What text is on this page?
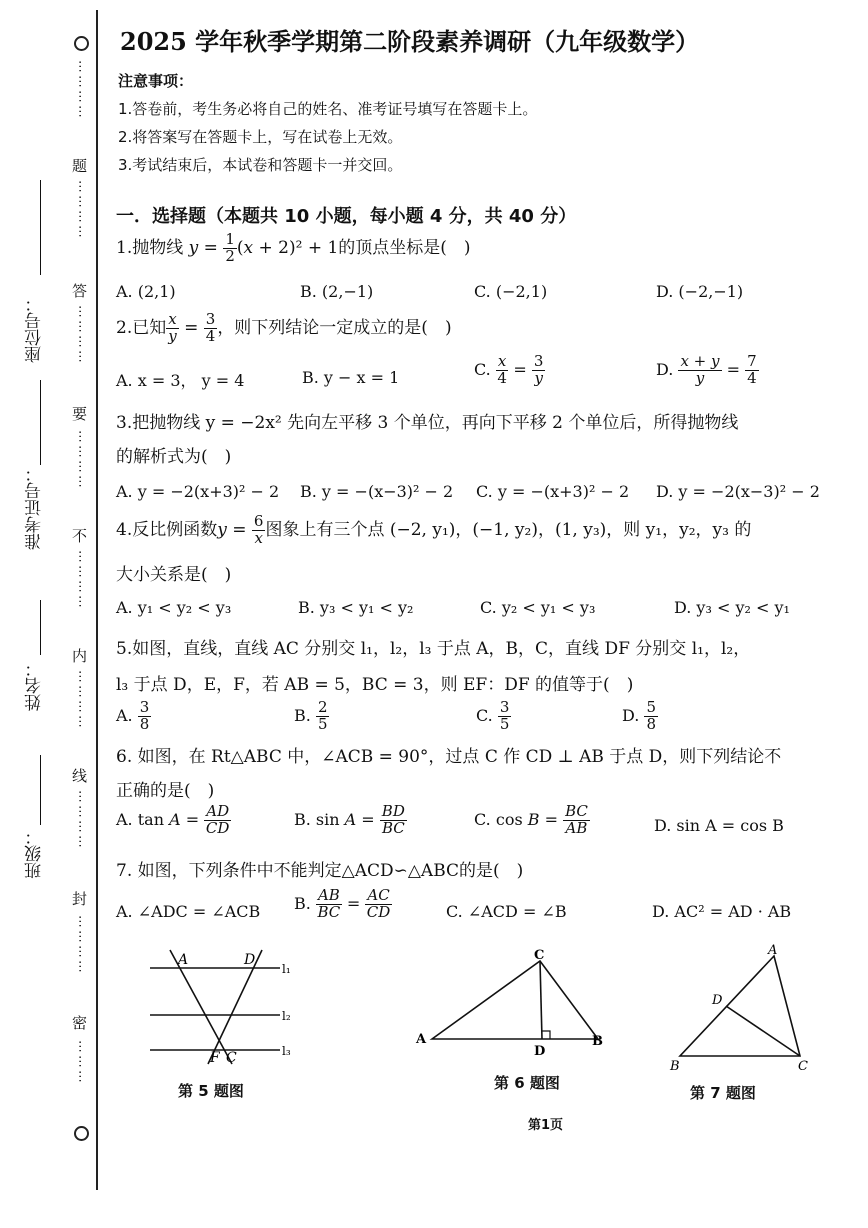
⋯⋯⋯⋯
题
⋯⋯⋯⋯
答
⋯⋯⋯⋯
要
⋯⋯⋯⋯
不
⋯⋯⋯⋯
内
⋯⋯⋯⋯
线
⋯⋯⋯⋯
封
⋯⋯⋯⋯
密
⋯⋯⋯
座位号：
准考证号：
姓名：
班级：
2025 学年秋季学期第二阶段素养调研（九年级数学）
注意事项：
1.答卷前，考生务必将自己的姓名、准考证号填写在答题卡上。
2.将答案写在答题卡上，写在试卷上无效。
3.考试结束后，本试卷和答题卡一并交回。
一．选择题（本题共 10 小题，每小题 4 分，共 40 分）
1.抛物线 $y = \frac{1}{2} (x + 2)^2 + 1$的顶点坐标是(　)
A. (2,1)	B. (2,−1)	C. (−2,1)	D. (−2,−1)
2.已知 $\frac{x}{y} = \frac{3}{4}$ ，则下列结论一定成立的是(　)
A. x = 3， y = 4	B. y − x = 1	C. $\frac{x}{4} = \frac{3}{y}$	D. $\frac{x + y}{y} = \frac{7}{4}$
3.把抛物线 y = −2x² 先向左平移 3 个单位，再向下平移 2 个单位后，所得抛物线
的解析式为(　)
A. y = −2(x+3)² − 2 B. y = −(x−3)² − 2 C. y = −(x+3)² − 2 D. y = −2(x−3)² − 2
4.反比例函数$y = \frac{6}{x}$ 图象上有三个点 (−2, y₁)，(−1, y₂)，(1, y₃)，则 y₁，y₂，y₃ 的
大小关系是(　)
A. y₁ < y₂ < y₃	B. y₃ < y₁ < y₂	C. y₂ < y₁ < y₃	D. y₃ < y₂ < y₁
5.如图，直线，直线 AC 分别交 l₁，l₂，l₃ 于点 A，B，C，直线 DF 分别交 l₁，l₂，
l₃ 于点 D，E，F，若 AB = 5，BC = 3，则 EF：DF 的值等于(　)
A. $\frac{3}{8}$	B. $\frac{2}{5}$	C. $\frac{3}{5}$	D. $\frac{5}{8}$
6. 如图，在 Rt△ABC 中，∠ACB = 90°，过点 C 作 CD ⊥ AB 于点 D，则下列结论不
正确的是(　)
A. $\tan A = \frac{AD}{CD}$	B. $\sin A = \frac{BD}{BC}$	C. $\cos B = \frac{BC}{AB}$	D. sin A = cos B
7. 如图，下列条件中不能判定△ACD∽△ABC的是(　)
A. ∠ADC = ∠ACB B. $\frac{AB}{BC} = \frac{AC}{CD}$	C. ∠ACD = ∠B	D. AC² = AD · AB
A	D
F C
l₁
l₂
l₃
第 5 题图
C
A
D
B
第 6 题图
A
D
B	C
第 7 题图
第1页
